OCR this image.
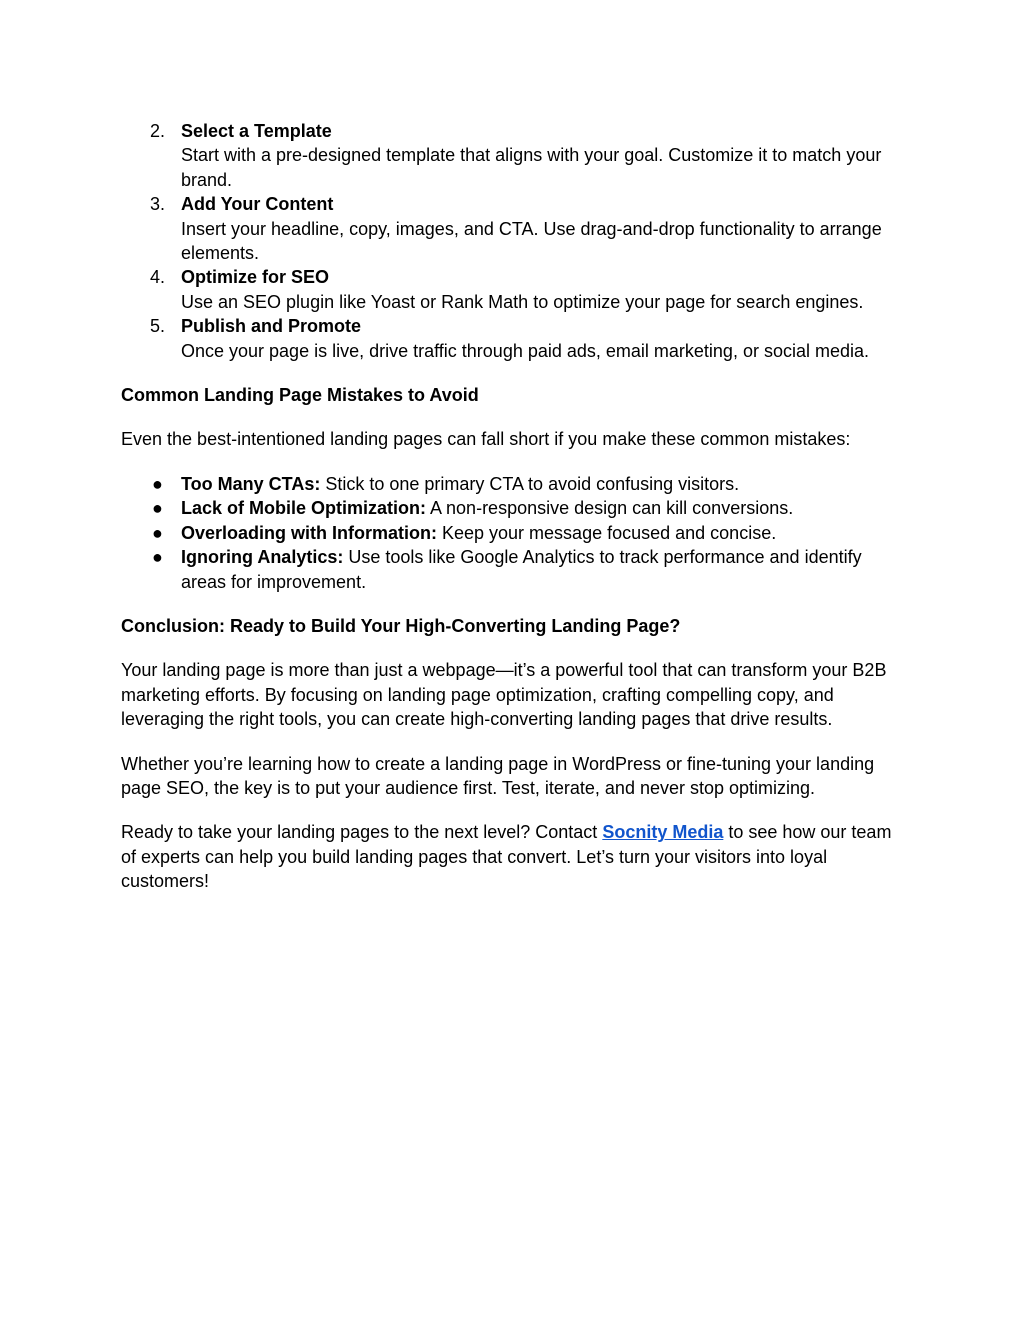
2. Select a Template
Start with a pre-designed template that aligns with your goal. Customize it to match your brand.
3. Add Your Content
Insert your headline, copy, images, and CTA. Use drag-and-drop functionality to arrange elements.
4. Optimize for SEO
Use an SEO plugin like Yoast or Rank Math to optimize your page for search engines.
5. Publish and Promote
Once your page is live, drive traffic through paid ads, email marketing, or social media.
Common Landing Page Mistakes to Avoid

Even the best-intentioned landing pages can fall short if you make these common mistakes:

● Too Many CTAs: Stick to one primary CTA to avoid confusing visitors.
● Lack of Mobile Optimization: A non-responsive design can kill conversions.
● Overloading with Information: Keep your message focused and concise.
● Ignoring Analytics: Use tools like Google Analytics to track performance and identify areas for improvement.
Conclusion: Ready to Build Your High-Converting Landing Page?

Your landing page is more than just a webpage—it’s a powerful tool that can transform your B2B marketing efforts. By focusing on landing page optimization, crafting compelling copy, and leveraging the right tools, you can create high-converting landing pages that drive results.

Whether you’re learning how to create a landing page in WordPress or fine-tuning your landing page SEO, the key is to put your audience first. Test, iterate, and never stop optimizing.

Ready to take your landing pages to the next level? Contact Socnity Media to see how our team of experts can help you build landing pages that convert. Let’s turn your visitors into loyal customers!
